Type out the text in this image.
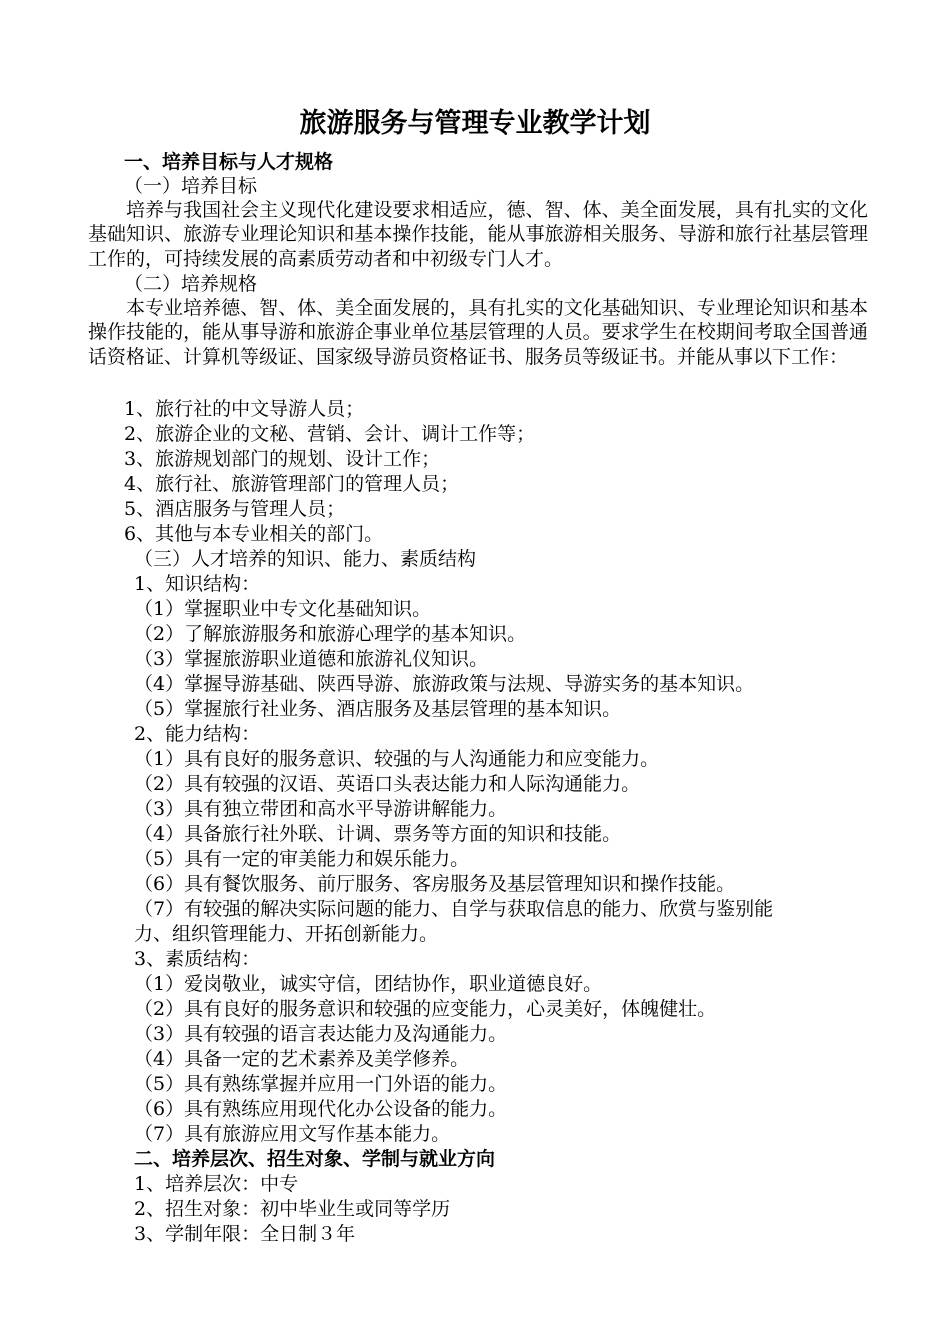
旅游服务与管理专业教学计划
一、培养目标与人才规格
（一）培养目标
培养与我国社会主义现代化建设要求相适应，德、智、体、美全面发展，具有扎实的文化基础知识、旅游专业理论知识和基本操作技能，能从事旅游相关服务、导游和旅行社基层管理工作的，可持续发展的高素质劳动者和中初级专门人才。
（二）培养规格
本专业培养德、智、体、美全面发展的，具有扎实的文化基础知识、专业理论知识和基本操作技能的，能从事导游和旅游企事业单位基层管理的人员。要求学生在校期间考取全国普通话资格证、计算机等级证、国家级导游员资格证书、服务员等级证书。并能从事以下工作：
1、旅行社的中文导游人员；
2、旅游企业的文秘、营销、会计、调计工作等；
3、旅游规划部门的规划、设计工作；
4、旅行社、旅游管理部门的管理人员；
5、酒店服务与管理人员；
6、其他与本专业相关的部门。
（三）人才培养的知识、能力、素质结构
1、知识结构：
（1）掌握职业中专文化基础知识。
（2）了解旅游服务和旅游心理学的基本知识。
（3）掌握旅游职业道德和旅游礼仪知识。
（4）掌握导游基础、陕西导游、旅游政策与法规、导游实务的基本知识。
（5）掌握旅行社业务、酒店服务及基层管理的基本知识。
2、能力结构：
（1）具有良好的服务意识、较强的与人沟通能力和应变能力。
（2）具有较强的汉语、英语口头表达能力和人际沟通能力。
（3）具有独立带团和高水平导游讲解能力。
（4）具备旅行社外联、计调、票务等方面的知识和技能。
（5）具有一定的审美能力和娱乐能力。
（6）具有餐饮服务、前厅服务、客房服务及基层管理知识和操作技能。
（7）有较强的解决实际问题的能力、自学与获取信息的能力、欣赏与鉴别能
力、组织管理能力、开拓创新能力。
3、素质结构：
（1）爱岗敬业，诚实守信，团结协作，职业道德良好。
（2）具有良好的服务意识和较强的应变能力，心灵美好，体魄健壮。
（3）具有较强的语言表达能力及沟通能力。
（4）具备一定的艺术素养及美学修养。
（5）具有熟练掌握并应用一门外语的能力。
（6）具有熟练应用现代化办公设备的能力。
（7）具有旅游应用文写作基本能力。
二、培养层次、招生对象、学制与就业方向
1、培养层次：中专
2、招生对象：初中毕业生或同等学历
3、学制年限：全日制３年
